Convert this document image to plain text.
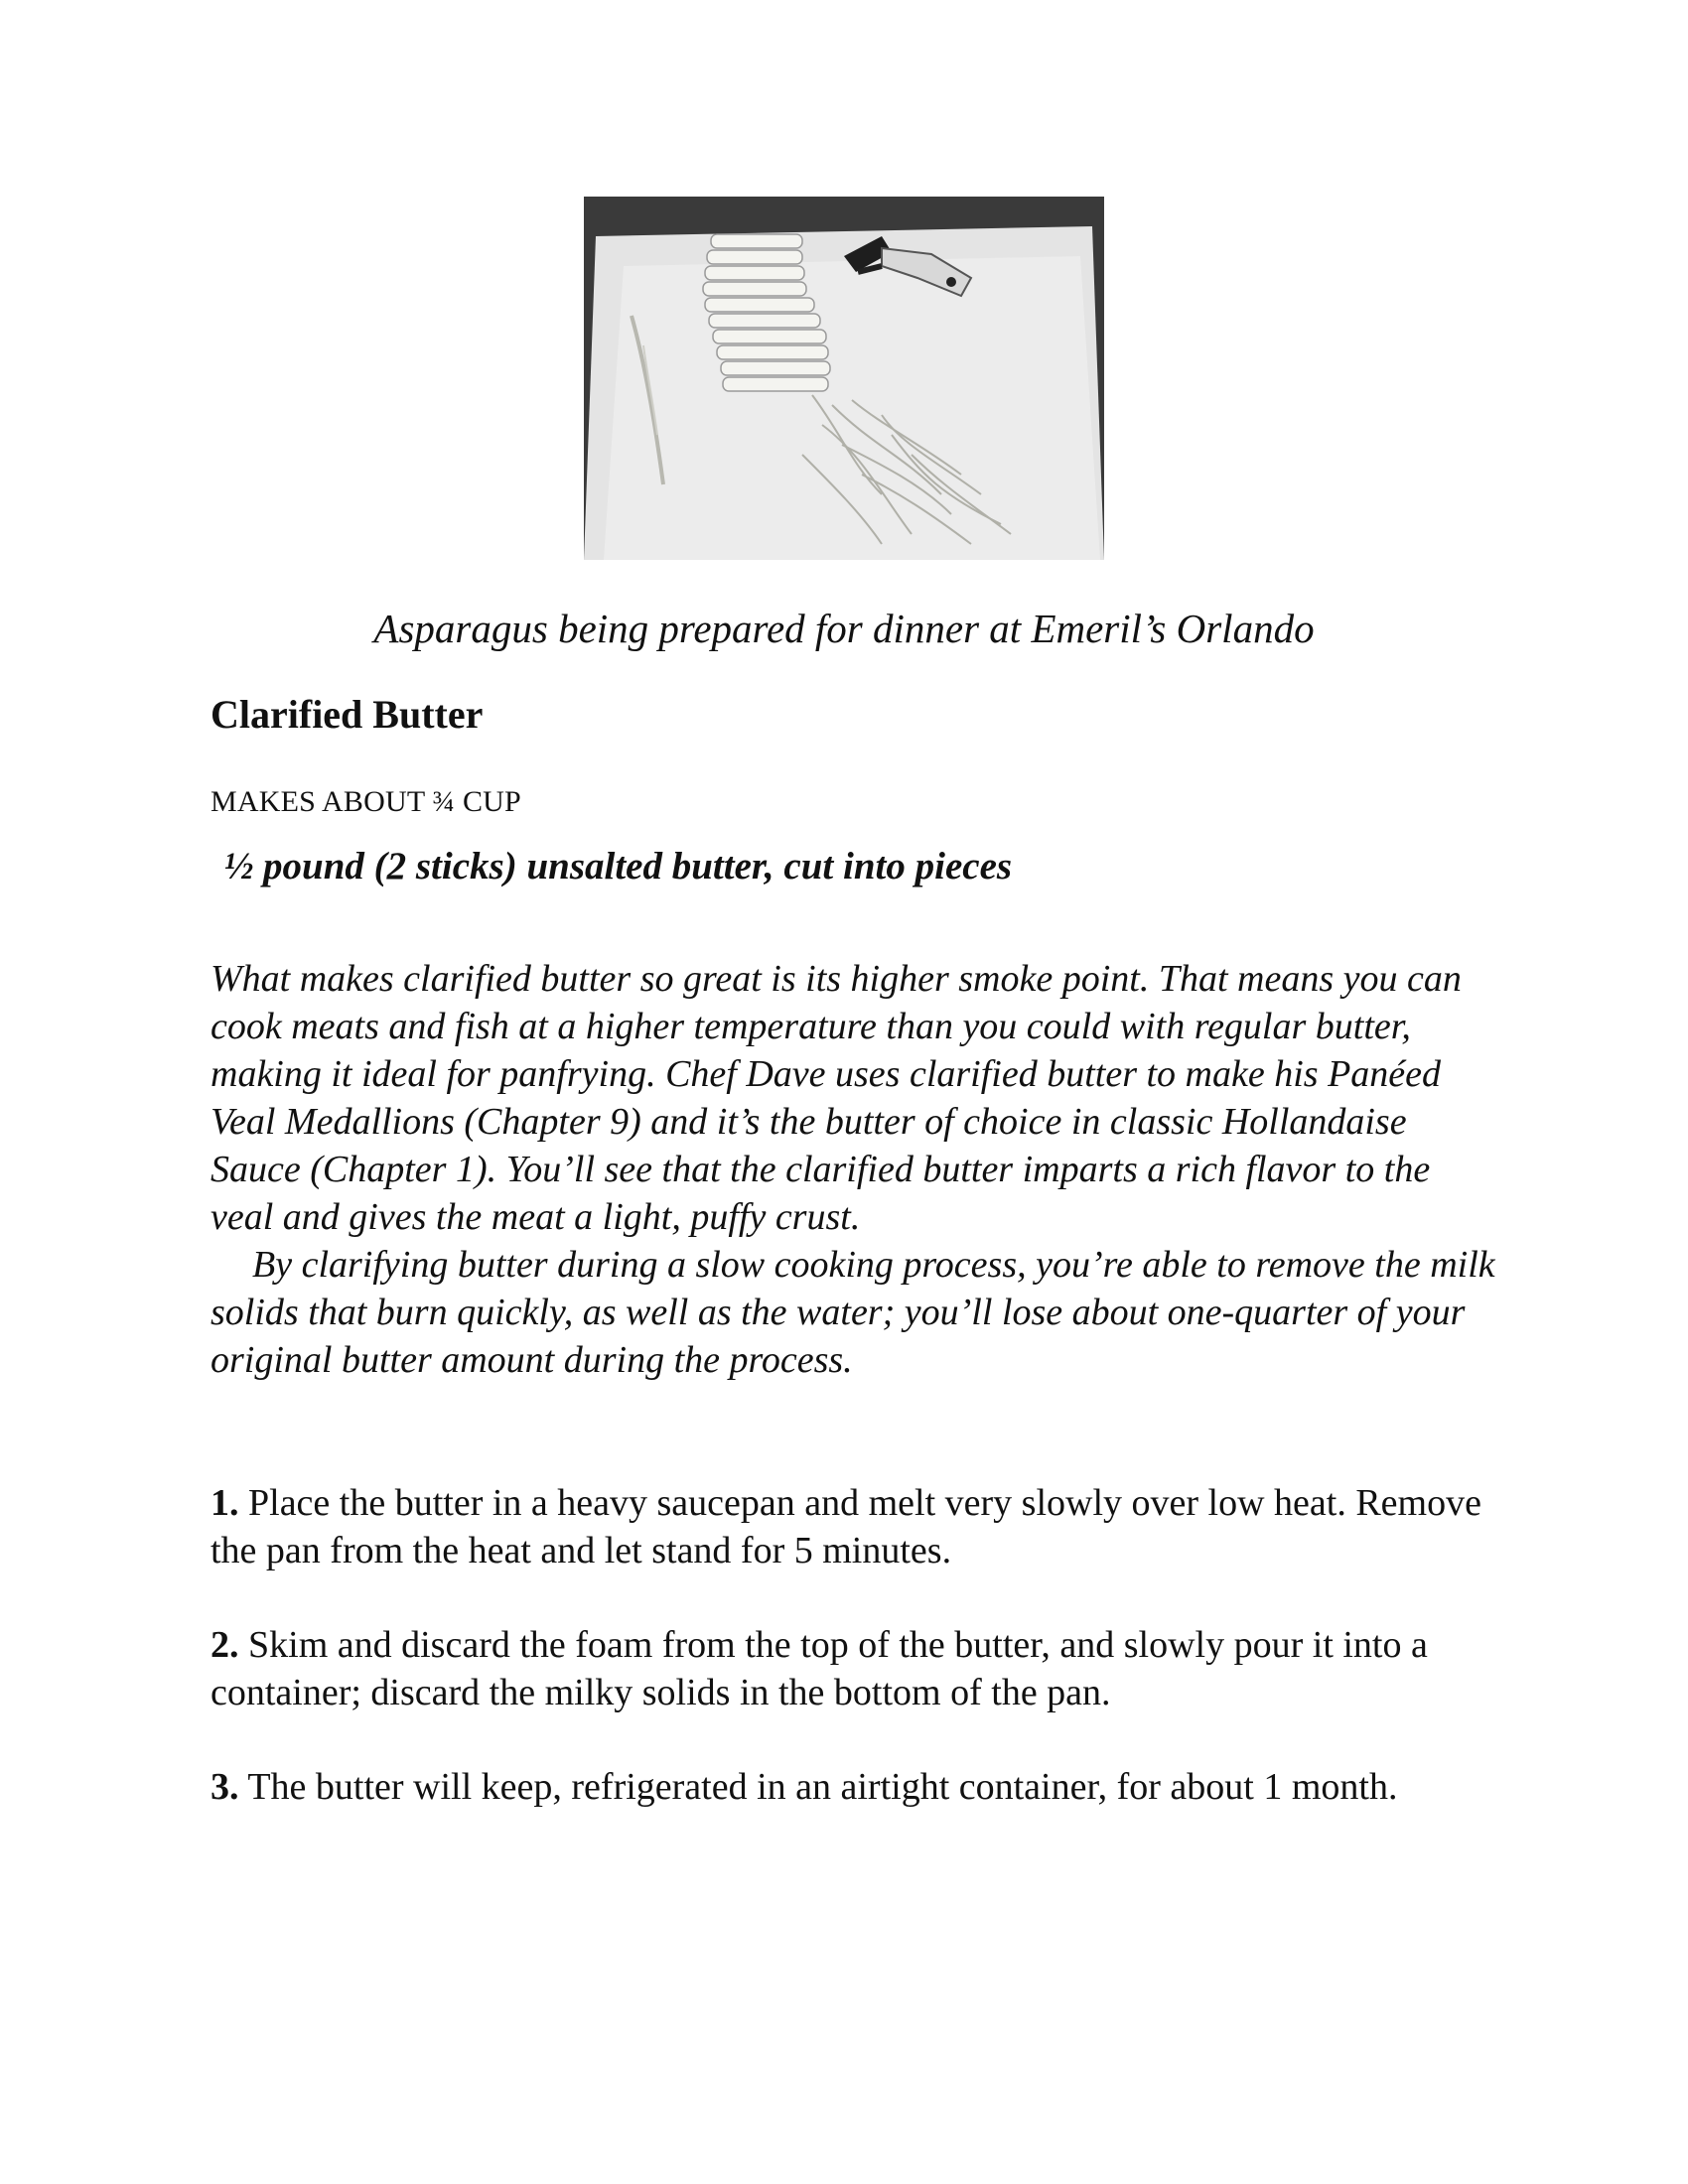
Asparagus being prepared for dinner at Emeril’s Orlando

Clarified Butter

MAKES ABOUT ¾ CUP

½ pound (2 sticks) unsalted butter, cut into pieces

What makes clarified butter so great is its higher smoke point. That means you can cook meats and fish at a higher temperature than you could with regular butter, making it ideal for panfrying. Chef Dave uses clarified butter to make his Panéed Veal Medallions (Chapter 9) and it’s the butter of choice in classic Hollandaise Sauce (Chapter 1). You’ll see that the clarified butter imparts a rich flavor to the veal and gives the meat a light, puffy crust.

By clarifying butter during a slow cooking process, you’re able to remove the milk solids that burn quickly, as well as the water; you’ll lose about one-quarter of your original butter amount during the process.

1. Place the butter in a heavy saucepan and melt very slowly over low heat. Remove the pan from the heat and let stand for 5 minutes.

2. Skim and discard the foam from the top of the butter, and slowly pour it into a container; discard the milky solids in the bottom of the pan.

3. The butter will keep, refrigerated in an airtight container, for about 1 month.
